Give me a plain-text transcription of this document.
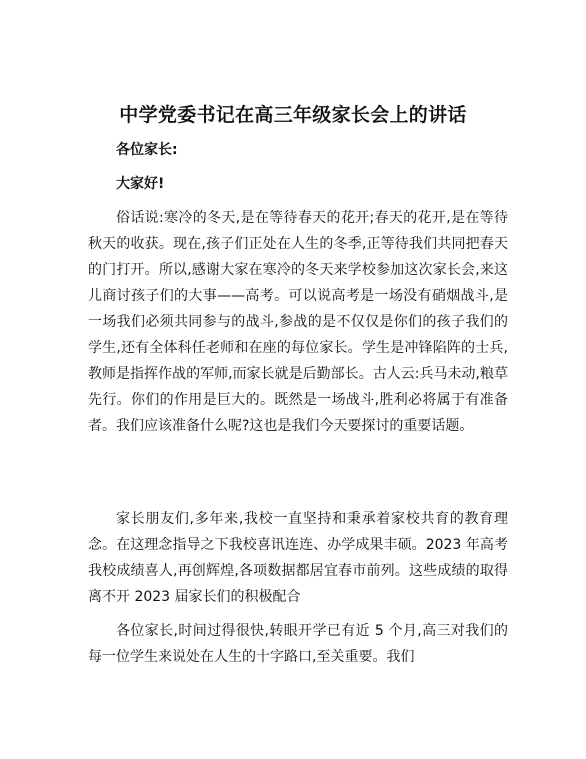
中学党委书记在高三年级家长会上的讲话
各位家长:
大家好!
俗话说:寒冷的冬天,是在等待春天的花开;春天的花开,是在等待秋天的收获。现在,孩子们正处在人生的冬季,正等待我们共同把春天的门打开。所以,感谢大家在寒冷的冬天来学校参加这次家长会,来这儿商讨孩子们的大事——高考。可以说高考是一场没有硝烟战斗,是一场我们必须共同参与的战斗,参战的是不仅仅是你们的孩子我们的学生,还有全体科任老师和在座的每位家长。学生是冲锋陷阵的士兵,教师是指挥作战的军师,而家长就是后勤部长。古人云:兵马未动,粮草先行。你们的作用是巨大的。既然是一场战斗,胜利必将属于有准备者。我们应该准备什么呢?这也是我们今天要探讨的重要话题。
家长朋友们,多年来,我校一直坚持和秉承着家校共育的教育理念。在这理念指导之下我校喜讯连连、办学成果丰硕。2023 年高考我校成绩喜人,再创辉煌,各项数据都居宜春市前列。这些成绩的取得离不开 2023 届家长们的积极配合
各位家长,时间过得很快,转眼开学已有近 5 个月,高三对我们的每一位学生来说处在人生的十字路口,至关重要。我们
